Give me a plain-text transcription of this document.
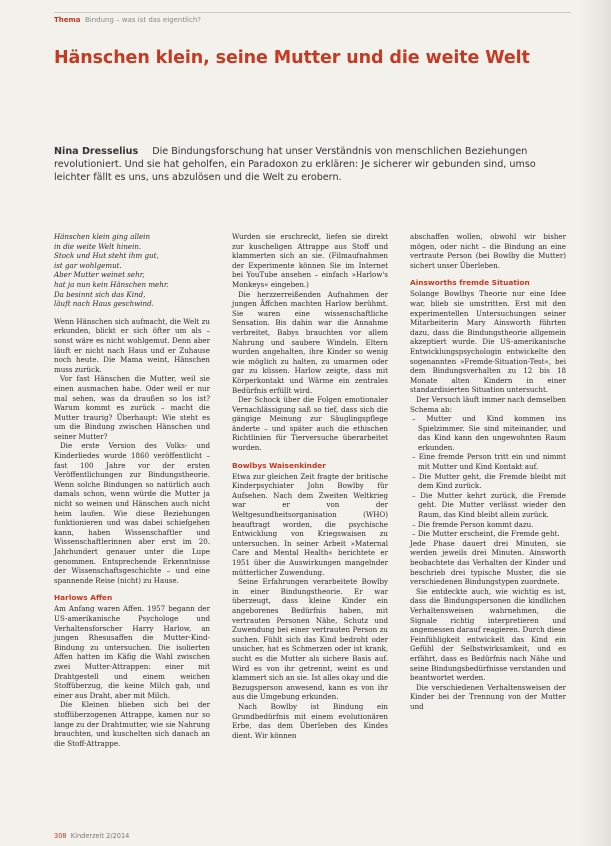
Thema Bindung – was ist das eigentlich?
Hänschen klein, seine Mutter und die weite Welt
Nina Dresselius Die Bindungsforschung hat unser Verständnis von menschlichen Beziehungen revolutioniert. Und sie hat geholfen, ein Paradoxon zu erklären: Je sicherer wir gebunden sind, umso leichter fällt es uns, uns abzulösen und die Welt zu erobern.
Hänschen klein ging allein
in die weite Welt hinein.
Stock und Hut steht ihm gut,
ist gar wohlgemut.
Aber Mutter weinet sehr,
hat ja nun kein Hänschen mehr.
Da besinnt sich das Kind,
läuft nach Haus geschwind.

Wenn Hänschen sich aufmacht, die Welt zu erkunden, blickt er sich öfter um als – sonst wäre es nicht wohlgemut. Denn aber läuft er nicht nach Haus und er Zuhause noch heute. Die Mama weint, Hänschen muss zurück.

Vor fast Hänschen die Mutter, weil sie einen ausmachen habe. Oder weil er nur mal sehen, was da draußen so los ist? Warum kommt es zurück – macht die Mutter traurig? Überhaupt: Wie steht es um die Bindung zwischen Hänschen und seiner Mutter?

Die erste Version des Volks- und Kinderliedes wurde 1860 veröffentlicht – fast 100 Jahre vor der ersten Veröffentlichungen zur Bindungstheorie. Wenn solche Bindungen so natürlich auch damals schon, wenn würde die Mutter ja nicht so weinen und Hänschen auch nicht heim laufen. Wie diese Beziehungen funktionieren und was dabei schiefgehen kann, haben Wissenschaftler und Wissenschaftlerinnen aber erst im 20. Jahrhundert genauer unter die Lupe genommen. Entsprechende Erkenntnisse der Wissenschaftsgeschichte – und eine spannende Reise (nicht) zu Hause.

Harlows Affen

Am Anfang waren Affen. 1957 begann der US-amerikanische Psychologe und Verhaltensforscher Harry Harlow, an jungen Rhesusaffen die Mutter-Kind-Bindung zu untersuchen. Die isolierten Affen hatten im Käfig die Wahl zwischen zwei Mutter-Attrappen: einer mit Drahtgestell und einem weichen Stoffüberzug, die keine Milch gab, und einer aus Draht, aber mit Milch.

Die Kleinen blieben sich bei der stoffüberzogenen Attrappe, kamen nur so lange zu der Drahtmutter, wie sie Nahrung brauchten, und kuschelten sich danach an die Stoff-Attrappe.

Wurden sie erschreckt, liefen sie direkt zur kuscheligen Attrappe aus Stoff und klammerten sich an sie. (Filmaufnahmen der Experimente können Sie im Internet bei YouTube ansehen – einfach »Harlow's Monkeys« eingeben.)

Die herzzerreißenden Aufnahmen der jungen Äffchen machten Harlow berühmt. Sie waren eine wissenschaftliche Sensation. Bis dahin war die Annahme verbreitet, Babys brauchten vor allem Nahrung und saubere Windeln. Eltern wurden angehalten, ihre Kinder so wenig wie möglich zu halten, zu umarmen oder gar zu küssen. Harlow zeigte, dass mit Körperkontakt und Wärme ein zentrales Bedürfnis erfüllt wird.

Der Schock über die Folgen emotionaler Vernachlässigung saß so tief, dass sich die gängige Meinung zur Säuglingspflege änderte – und später auch die ethischen Richtlinien für Tierversuche überarbeitet wurden.

Bowlbys Waisenkinder

Etwa zur gleichen Zeit fragte der britische Kinderpsychiater John Bowlby für Aufsehen. Nach dem Zweiten Weltkrieg war er von der Weltgesundheitsorganisation (WHO) beauftragt worden, die psychische Entwicklung von Kriegswaisen zu untersuchen. In seiner Arbeit »Maternal Care and Mental Health« berichtete er 1951 über die Auswirkungen mangelnder mütterlicher Zuwendung.

Seine Erfahrungen verarbeitete Bowlby in einer Bindungstheorie. Er war überzeugt, dass kleine Kinder ein angeborenes Bedürfnis haben, mit vertrauten Personen Nähe, Schutz und Zuwendung bei einer vertrauten Person zu suchen. Fühlt sich das Kind bedroht oder unsicher, hat es Schmerzen oder ist krank, sucht es die Mutter als sichere Basis auf. Wird es von ihr getrennt, weint es und klammert sich an sie. Ist alles okay und die Bezugsperson anwesend, kann es von ihr aus die Umgebung erkunden.

Nach Bowlby ist Bindung ein Grundbedürfnis mit einem evolutionären Erbe, das dem Überleben des Kindes dient. Wir können

abschaffen wollen, obwohl wir bisher mögen, oder nicht – die Bindung an eine vertraute Person (bei Bowlby die Mutter) sichert unser Überleben.

Ainsworths fremde Situation

Solange Bowlbys Theorie nur eine Idee war, blieb sie umstritten. Erst mit den experimentellen Untersuchungen seiner Mitarbeiterin Mary Ainsworth führten dazu, dass die Bindungstheorie allgemein akzeptiert wurde. Die US-amerikanische Entwicklungspsychologin entwickelte den sogenannten »Fremde-Situation-Test«, bei dem Bindungsverhalten zu 12 bis 18 Monate alten Kindern in einer standardisierten Situation untersucht.

Der Versuch läuft immer nach demselben Schema ab:

– Mutter und Kind kommen ins Spielzimmer. Sie sind miteinander, und das Kind kann den ungewohnten Raum erkunden.
– Eine fremde Person tritt ein und nimmt mit Mutter und Kind Kontakt auf.
– Die Mutter geht, die Fremde bleibt mit dem Kind zurück.
– Die Mutter kehrt zurück, die Fremde geht. Die Mutter verlässt wieder den Raum, das Kind bleibt allein zurück.
– Die fremde Person kommt dazu.
– Die Mutter erscheint, die Fremde geht.

Jede Phase dauert drei Minuten, sie werden jeweils drei Minuten. Ainsworth beobachtete das Verhalten der Kinder und beschrieb drei typische Muster, die sie verschiedenen Bindungstypen zuordnete.

Sie entdeckte auch, wie wichtig es ist, dass die Bindungspersonen die kindlichen Verhaltensweisen wahrnehmen, die Signale richtig interpretieren und angemessen darauf reagieren. Durch diese Feinfühligkeit entwickelt das Kind ein Gefühl der Selbstwirksamkeit, und es erfährt, dass es Bedürfnis nach Nähe und seine Bindungsbedürfnisse verstanden und beantwortet werden.

Die verschiedenen Verhaltensweisen der Kinder bei der Trennung von der Mutter und

308 Kinderzeit 2/2014
